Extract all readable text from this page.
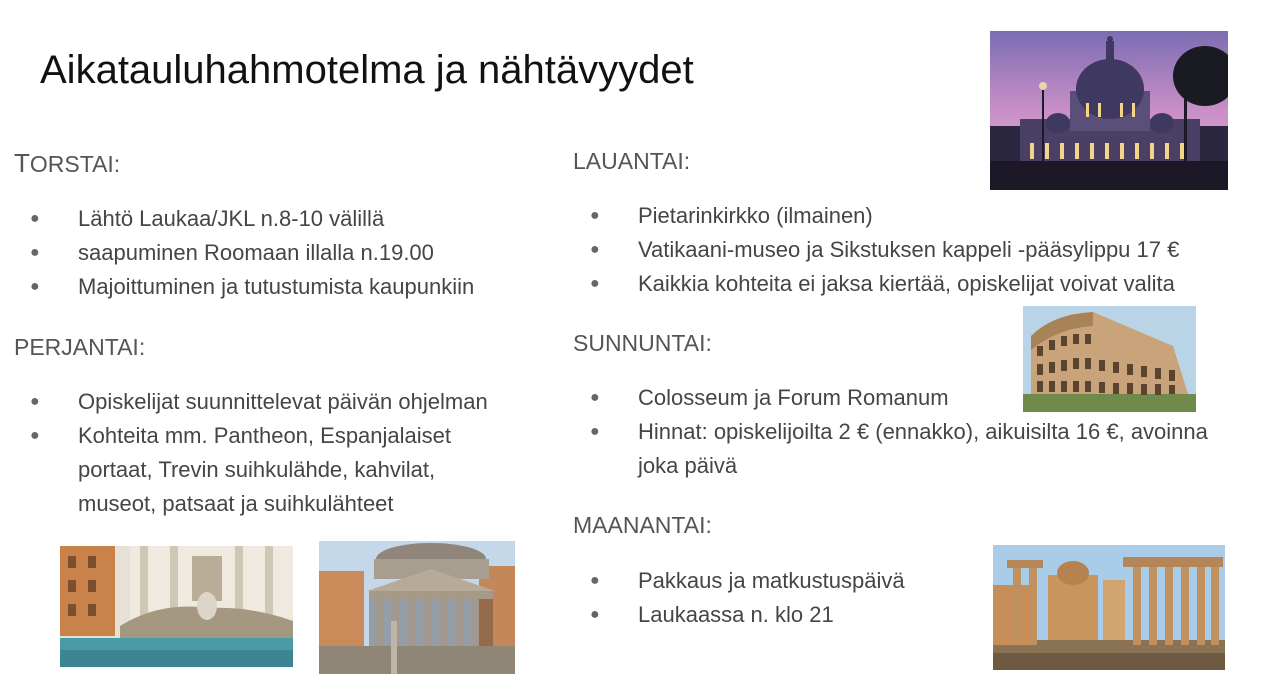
Aikatauluhahmotelma ja nähtävyydet
TORSTAI:
● Lähtö Laukaa/JKL n.8-10 välillä
● saapuminen Roomaan illalla n.19.00
● Majoittuminen ja tutustumista kaupunkiin
PERJANTAI:
● Opiskelijat suunnittelevat päivän ohjelman
● Kohteita mm. Pantheon, Espanjalaiset portaat, Trevin suihkulähde, kahvilat, museot, patsaat ja suihkulähteet
LAUANTAI:
● Pietarinkirkko (ilmainen)
● Vatikaani-museo ja Sikstuksen kappeli -pääsylippu 17 €
● Kaikkia kohteita ei jaksa kiertää, opiskelijat voivat valita
SUNNUNTAI:
● Colosseum ja Forum Romanum
● Hinnat: opiskelijoilta 2 € (ennakko), aikuisilta 16 €, avoinna joka päivä
MAANANTAI:
● Pakkaus ja matkustuspäivä
● Laukaassa n. klo 21
